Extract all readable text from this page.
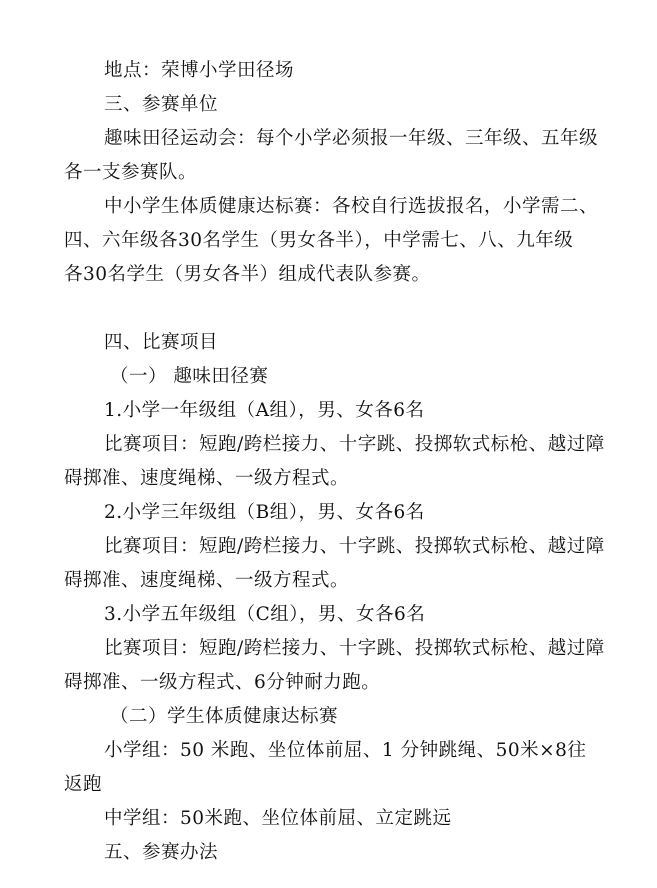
地点：荣博小学田径场
三、参赛单位
趣味田径运动会：每个小学必须报一年级、三年级、五年级
各一支参赛队。
中小学生体质健康达标赛：各校自行选拔报名，小学需二、
四、六年级各30名学生（男女各半），中学需七、八、九年级
各30名学生（男女各半）组成代表队参赛。
四、比赛项目
（一） 趣味田径赛
1.小学一年级组（A组），男、女各6名
比赛项目：短跑/跨栏接力、十字跳、投掷软式标枪、越过障
碍掷准、速度绳梯、一级方程式。
2.小学三年级组（B组），男、女各6名
比赛项目：短跑/跨栏接力、十字跳、投掷软式标枪、越过障
碍掷准、速度绳梯、一级方程式。
3.小学五年级组（C组），男、女各6名
比赛项目：短跑/跨栏接力、十字跳、投掷软式标枪、越过障
碍掷准、一级方程式、6分钟耐力跑。
（二）学生体质健康达标赛
小学组：50 米跑、坐位体前屈、1 分钟跳绳、50米×8往
返跑
中学组：50米跑、坐位体前屈、立定跳远
五、参赛办法
